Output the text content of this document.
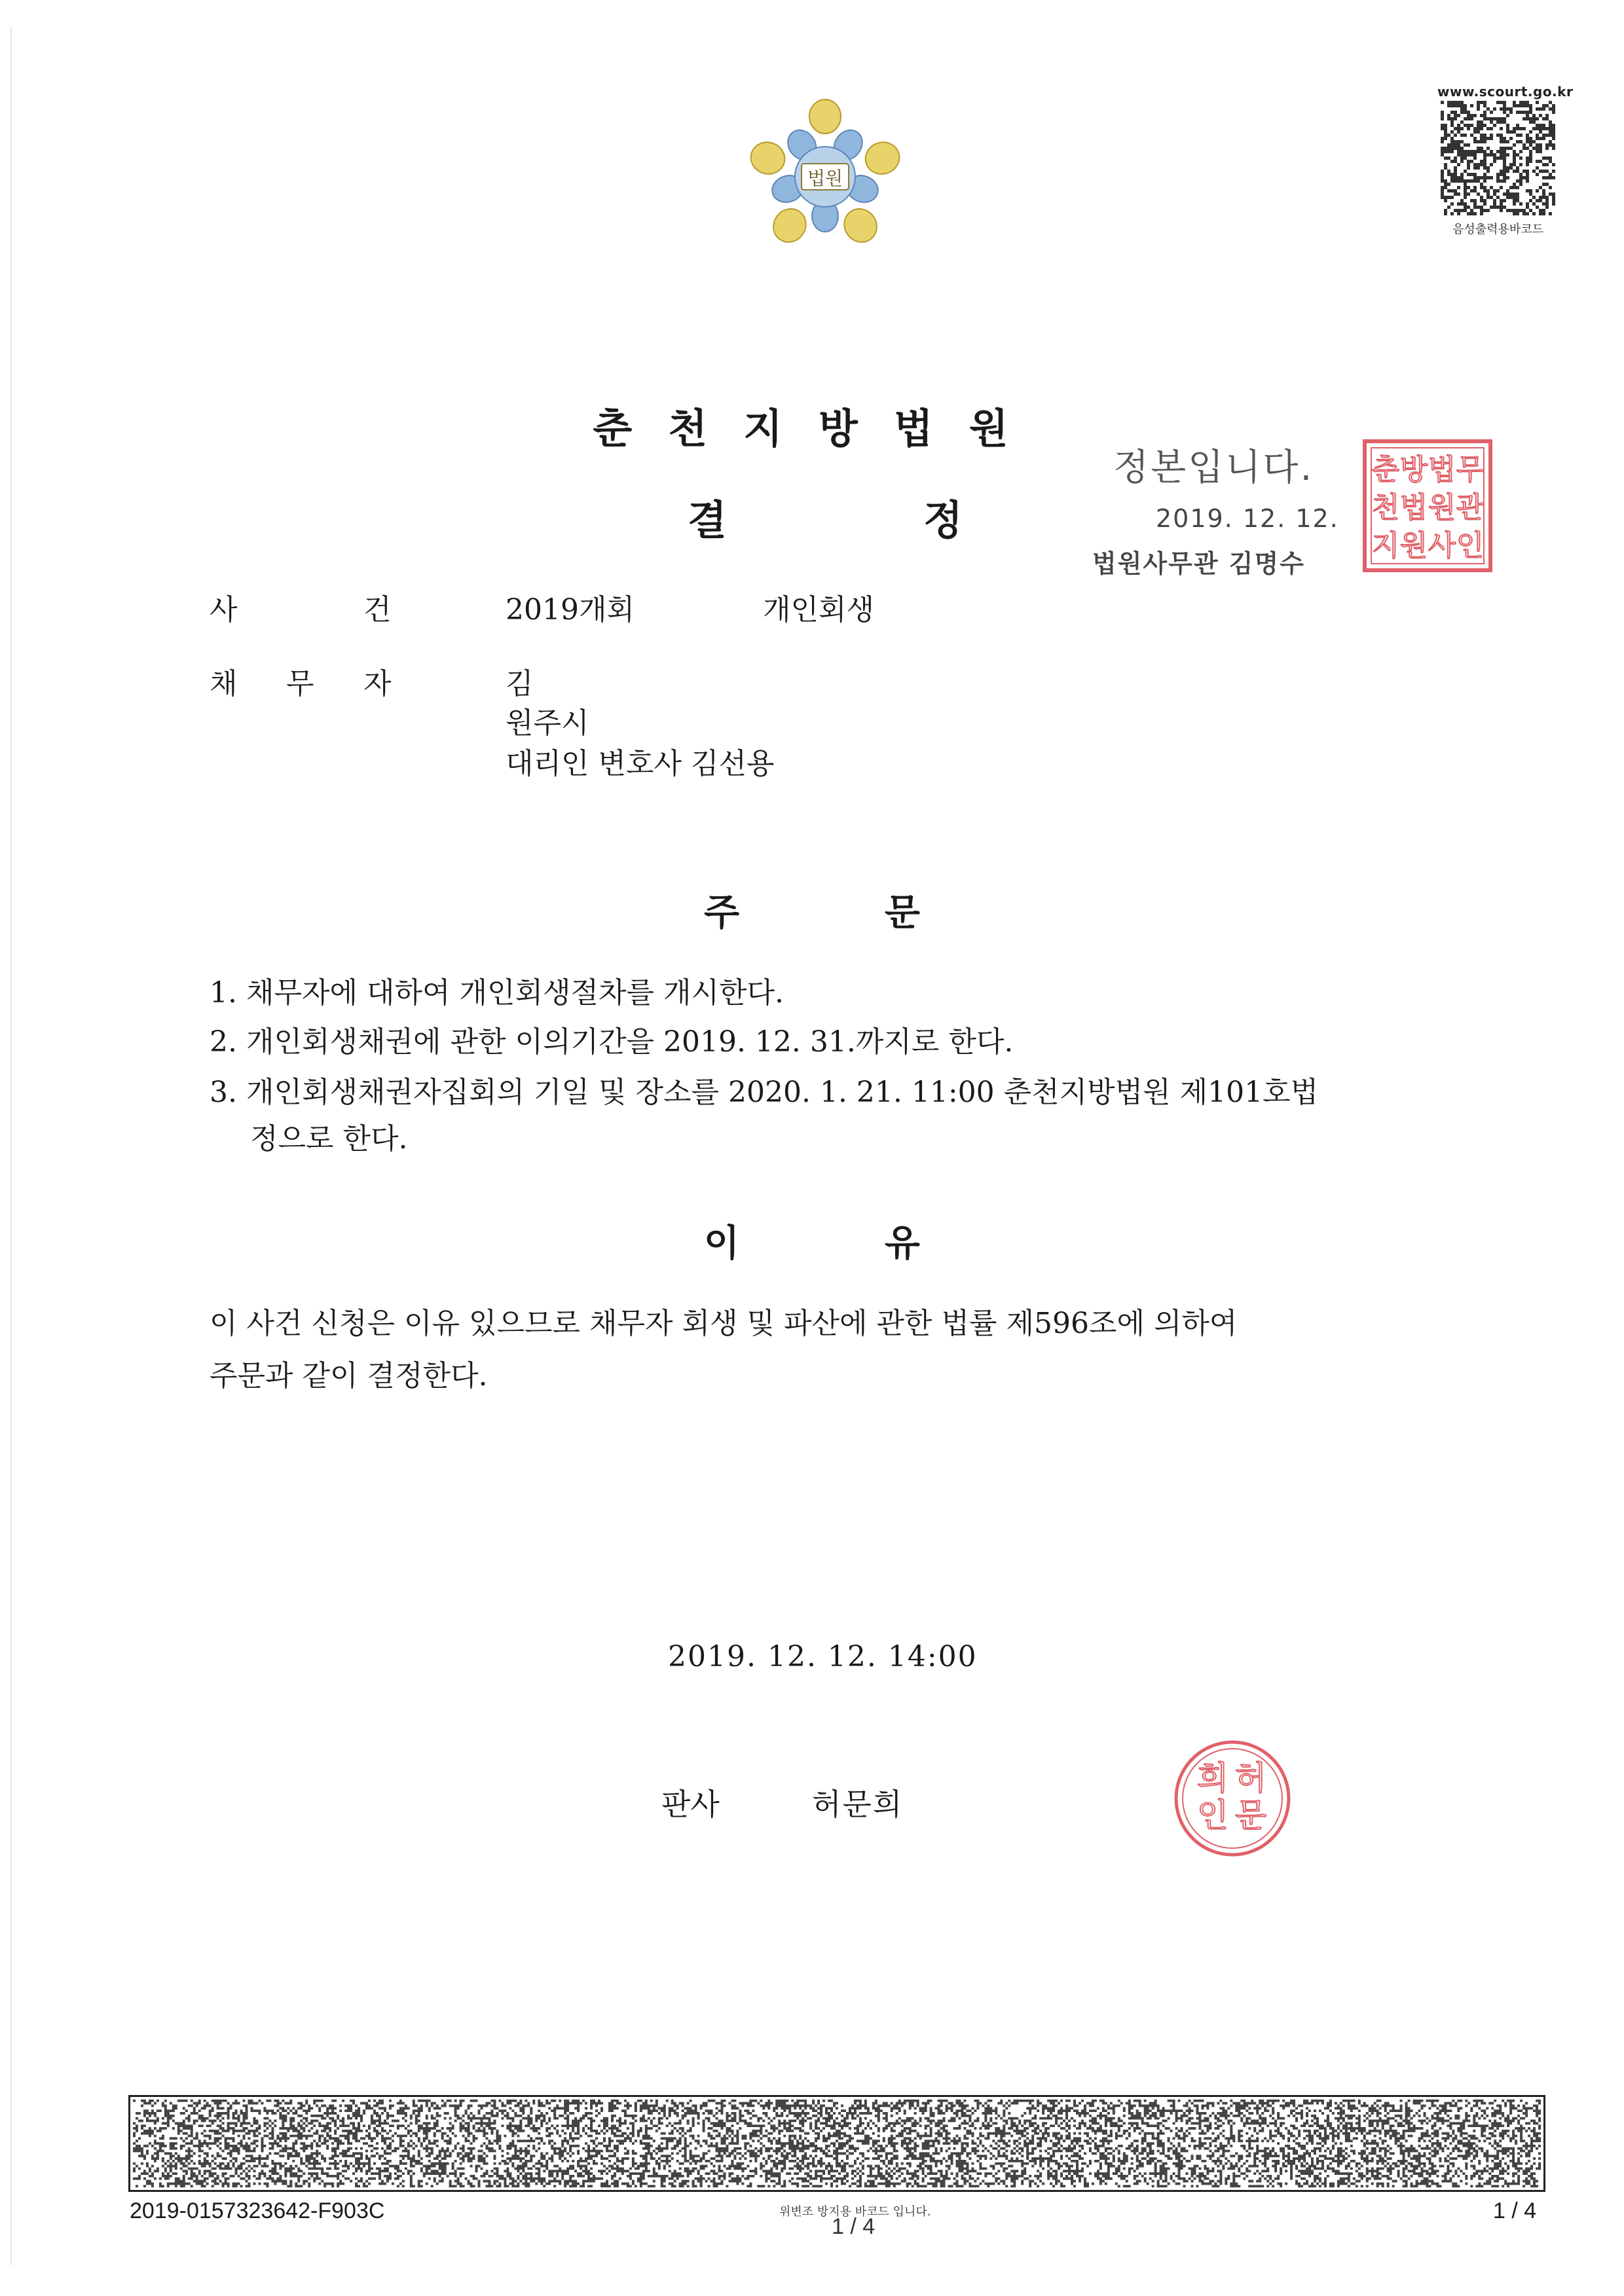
법원
www.scourt.go.kr
음성출력용바코드
춘천지방법원
결	정
정본입니다.
2019. 12. 12.
법원사무관 김명수
춘
천
지
방
법
원
법
원
사
무
관
인
사	건	2019개회	개인회생
채 무 자	김
원주시
대리인 변호사 김선용
주	문
1. 채무자에 대하여 개인회생절차를 개시한다.
2. 개인회생채권에 관한 이의기간을 2019. 12. 31.까지로 한다.
3. 개인회생채권자집회의 기일 및 장소를 2020. 1. 21. 11:00 춘천지방법원 제101호법
정으로 한다.
이	유
이 사건 신청은 이유 있으므로 채무자 회생 및 파산에 관한 법률 제596조에 의하여
주문과 같이 결정한다.
2019. 12. 12. 14:00
판사	허문희
허
문
희
인
2019-0157323642-F903C	위변조 방지용 바코드 입니다.
1 / 4
1 / 4
